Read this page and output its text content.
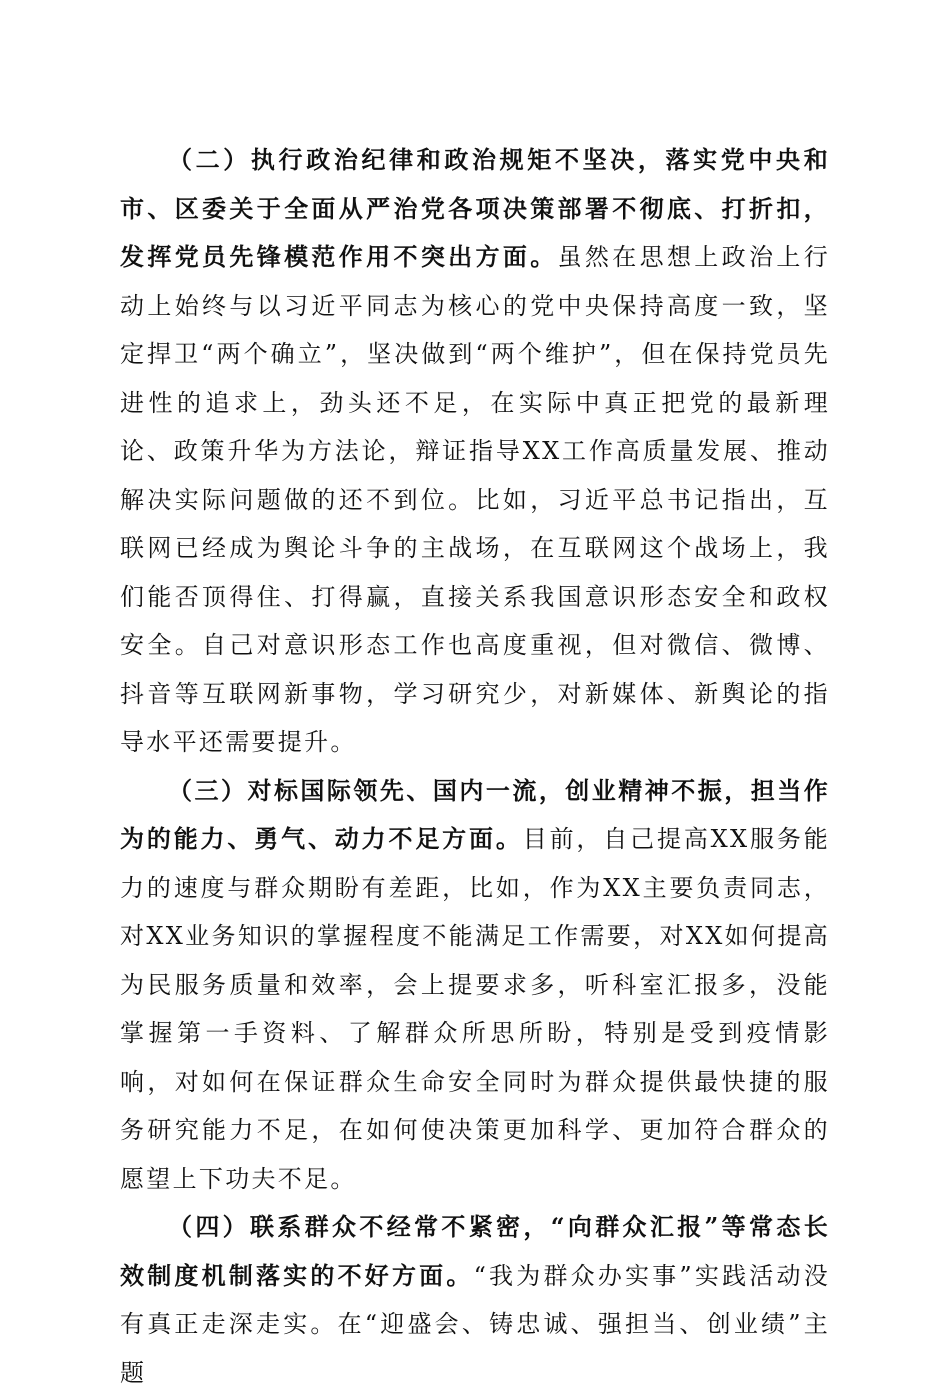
（二）执行政治纪律和政治规矩不坚决，落实党中央和市、区委关于全面从严治党各项决策部署不彻底、打折扣，发挥党员先锋模范作用不突出方面。虽然在思想上政治上行动上始终与以习近平同志为核心的党中央保持高度一致，坚定捍卫“两个确立”，坚决做到“两个维护”，但在保持党员先进性的追求上，劲头还不足，在实际中真正把党的最新理论、政策升华为方法论，辩证指导XX工作高质量发展、推动解决实际问题做的还不到位。比如，习近平总书记指出，互联网已经成为舆论斗争的主战场，在互联网这个战场上，我们能否顶得住、打得赢，直接关系我国意识形态安全和政权安全。自己对意识形态工作也高度重视，但对微信、微博、抖音等互联网新事物，学习研究少，对新媒体、新舆论的指导水平还需要提升。

（三）对标国际领先、国内一流，创业精神不振，担当作为的能力、勇气、动力不足方面。目前，自己提高XX服务能力的速度与群众期盼有差距，比如，作为XX主要负责同志，对XX业务知识的掌握程度不能满足工作需要，对XX如何提高为民服务质量和效率，会上提要求多，听科室汇报多，没能掌握第一手资料、了解群众所思所盼，特别是受到疫情影响，对如何在保证群众生命安全同时为群众提供最快捷的服务研究能力不足，在如何使决策更加科学、更加符合群众的愿望上下功夫不足。

（四）联系群众不经常不紧密，“向群众汇报”等常态长效制度机制落实的不好方面。“我为群众办实事”实践活动没有真正走深走实。在“迎盛会、铸忠诚、强担当、创业绩”主题
